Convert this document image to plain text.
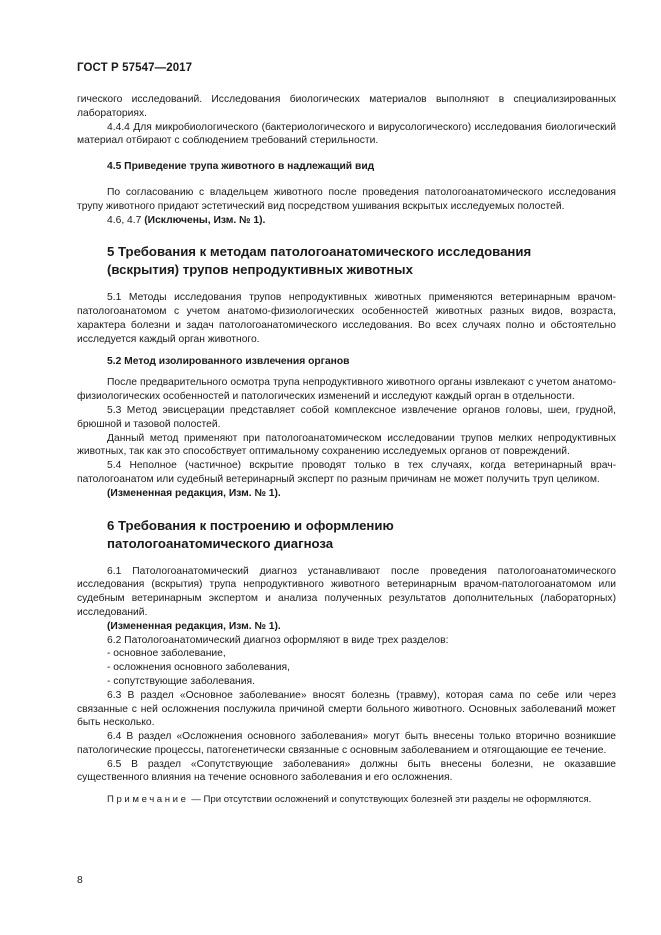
ГОСТ Р 57547—2017

гического исследований. Исследования биологических материалов выполняют в специализированных лабораториях.

4.4.4 Для микробиологического (бактериологического и вирусологического) исследования биологический материал отбирают с соблюдением требований стерильности.

4.5 Приведение трупа животного в надлежащий вид

По согласованию с владельцем животного после проведения патологоанатомического исследования трупу животного придают эстетический вид посредством ушивания вскрытых исследуемых полостей.

4.6, 4.7 (Исключены, Изм. № 1).

5 Требования к методам патологоанатомического исследования
(вскрытия) трупов непродуктивных животных

5.1 Методы исследования трупов непродуктивных животных применяются ветеринарным врачом-патологоанатомом с учетом анатомо-физиологических особенностей животных разных видов, возраста, характера болезни и задач патологоанатомического исследования. Во всех случаях полно и обстоятельно исследуется каждый орган животного.

5.2 Метод изолированного извлечения органов

После предварительного осмотра трупа непродуктивного животного органы извлекают с учетом анатомо-физиологических особенностей и патологических изменений и исследуют каждый орган в отдельности.

5.3 Метод эвисцерации представляет собой комплексное извлечение органов головы, шеи, грудной, брюшной и тазовой полостей.

Данный метод применяют при патологоанатомическом исследовании трупов мелких непродуктивных животных, так как это способствует оптимальному сохранению исследуемых органов от повреждений.

5.4 Неполное (частичное) вскрытие проводят только в тех случаях, когда ветеринарный врач-патологоанатом или судебный ветеринарный эксперт по разным причинам не может получить труп целиком.

(Измененная редакция, Изм. № 1).

6 Требования к построению и оформлению
патологоанатомического диагноза

6.1 Патологоанатомический диагноз устанавливают после проведения патологоанатомического исследования (вскрытия) трупа непродуктивного животного ветеринарным врачом-патологоанатомом или судебным ветеринарным экспертом и анализа полученных результатов дополнительных (лабораторных) исследований.

(Измененная редакция, Изм. № 1).

6.2 Патологоанатомический диагноз оформляют в виде трех разделов:

- основное заболевание,

- осложнения основного заболевания,

- сопутствующие заболевания.

6.3 В раздел «Основное заболевание» вносят болезнь (травму), которая сама по себе или через связанные с ней осложнения послужила причиной смерти больного животного. Основных заболеваний может быть несколько.

6.4 В раздел «Осложнения основного заболевания» могут быть внесены только вторично возникшие патологические процессы, патогенетически связанные с основным заболеванием и отягощающие ее течение.

6.5 В раздел «Сопутствующие заболевания» должны быть внесены болезни, не оказавшие существенного влияния на течение основного заболевания и его осложнения.

Примечание — При отсутствии осложнений и сопутствующих болезней эти разделы не оформляются.

8
